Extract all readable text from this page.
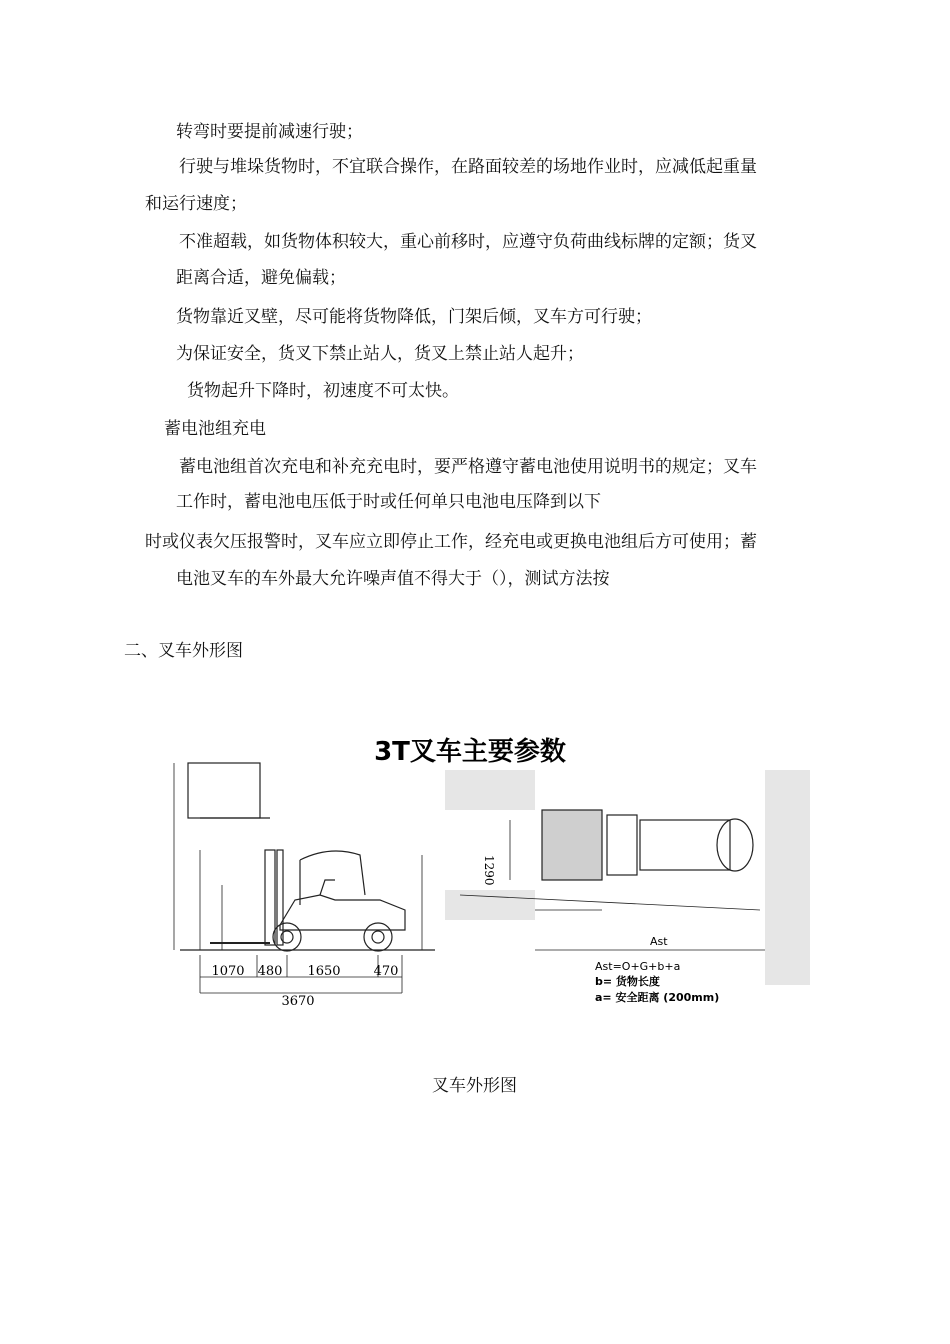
转弯时要提前减速行驶；
行驶与堆垛货物时，不宜联合操作，在路面较差的场地作业时，应减低起重量
和运行速度；
不准超载，如货物体积较大，重心前移时，应遵守负荷曲线标牌的定额；货叉
距离合适，避免偏载；
货物靠近叉壁，尽可能将货物降低，门架后倾，叉车方可行驶；
为保证安全，货叉下禁止站人，货叉上禁止站人起升；
货物起升下降时，初速度不可太快。
蓄电池组充电
蓄电池组首次充电和补充充电时，要严格遵守蓄电池使用说明书的规定；叉车
工作时，蓄电池电压低于时或任何单只电池电压降到以下
时或仪表欠压报警时，叉车应立即停止工作，经充电或更换电池组后方可使用；蓄
电池叉车的车外最大允许噪声值不得大于（），测试方法按
二、叉车外形图
3T叉车主要参数
1070 480 1650	470
3670
1290
Ast
Ast=O+G+b+a
b= 货物长度
a= 安全距离 (200mm)
叉车外形图
